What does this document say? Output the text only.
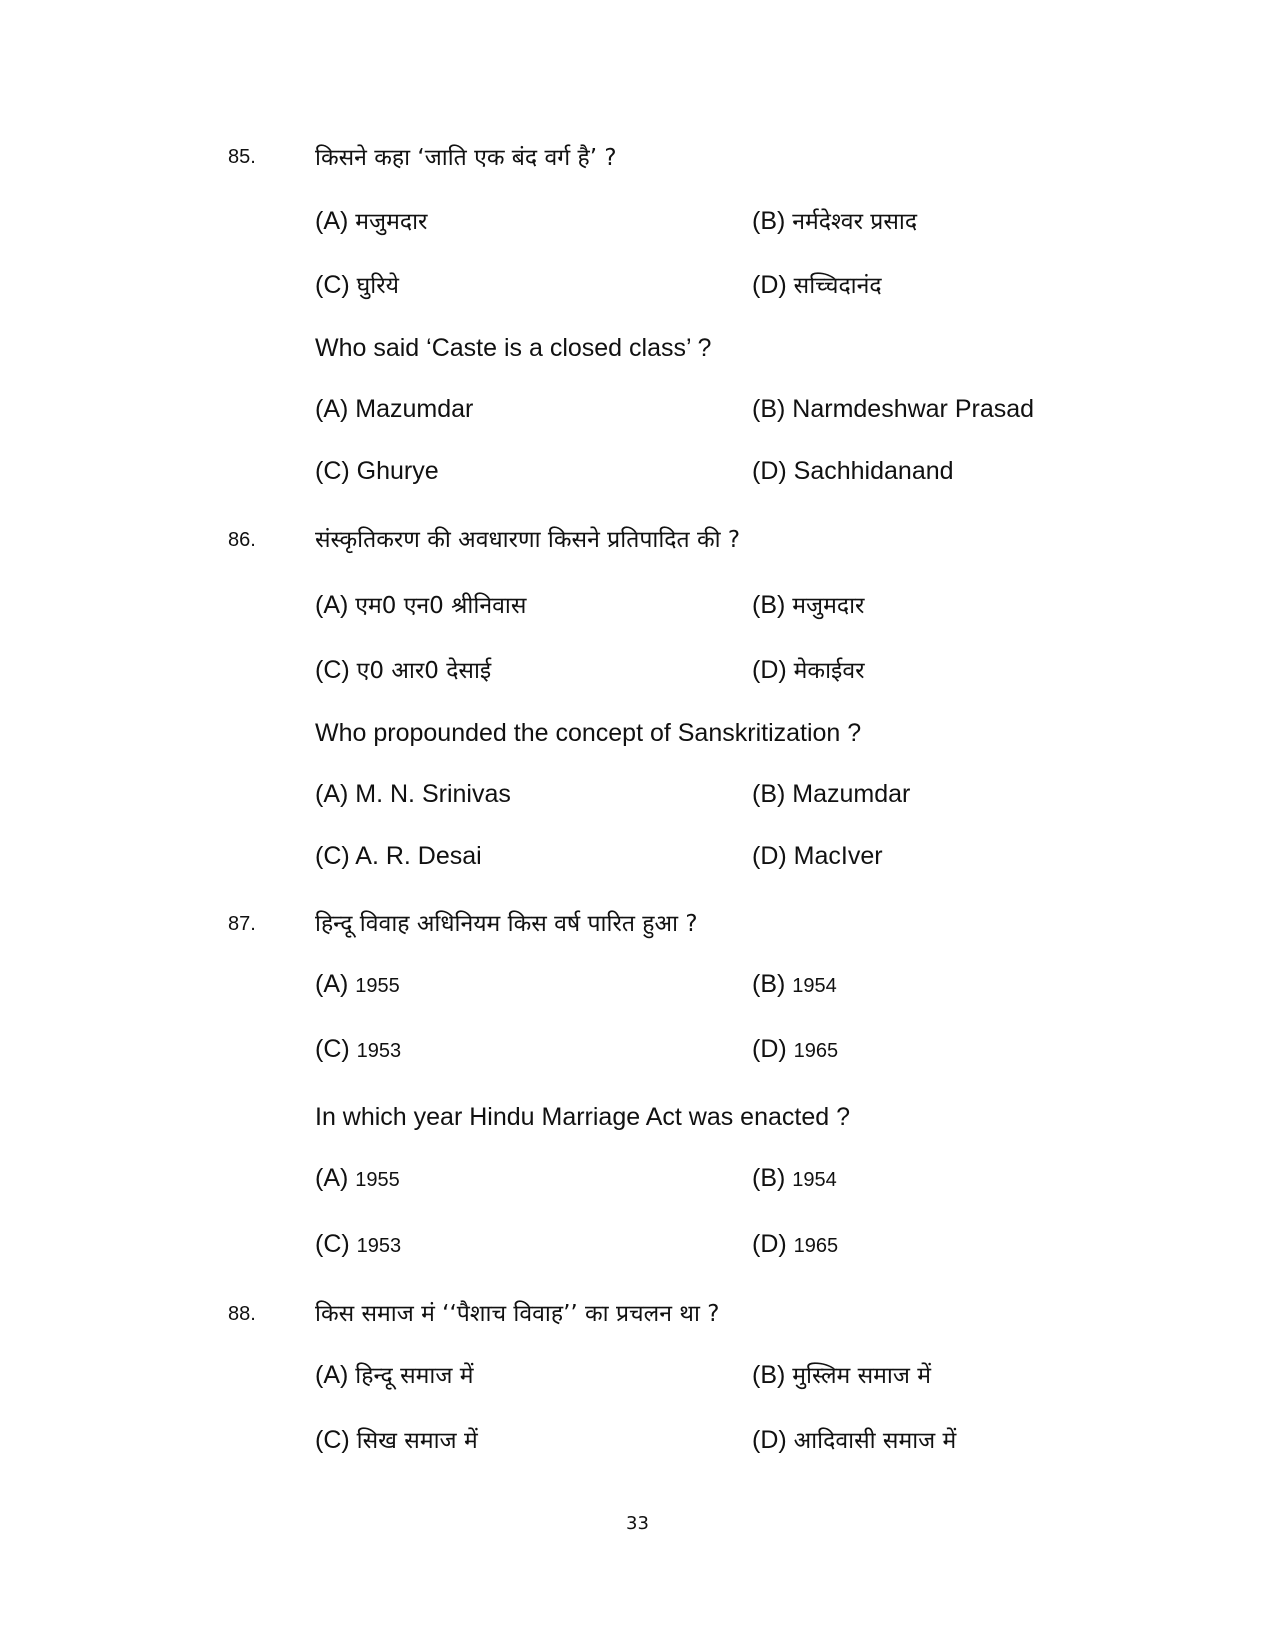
85.	किसने कहा ‘जाति एक बंद वर्ग है’ ?
(A) मजुमदार	(B) नर्मदेश्वर प्रसाद
(C) घुरिये	(D) सच्चिदानंद
Who said ‘Caste is a closed class’ ?
(A) Mazumdar	(B) Narmdeshwar Prasad
(C) Ghurye	(D) Sachhidanand
86.	संस्कृतिकरण की अवधारणा किसने प्रतिपादित की ?
(A) एम0 एन0 श्रीनिवास	(B) मजुमदार
(C) ए0 आर0 देसाई	(D) मेकाईवर
Who propounded the concept of Sanskritization ?
(A) M. N. Srinivas	(B) Mazumdar
(C) A. R. Desai	(D) MacIver
87.	हिन्दू विवाह अधिनियम किस वर्ष पारित हुआ ?
(A) 1955	(B) 1954
(C) 1953	(D) 1965
In which year Hindu Marriage Act was enacted ?
(A) 1955	(B) 1954
(C) 1953	(D) 1965
88.	किस समाज मं ‘‘पैशाच विवाह’’ का प्रचलन था ?
(A) हिन्दू समाज में	(B) मुस्लिम समाज में
(C) सिख समाज में	(D) आदिवासी समाज में
33
